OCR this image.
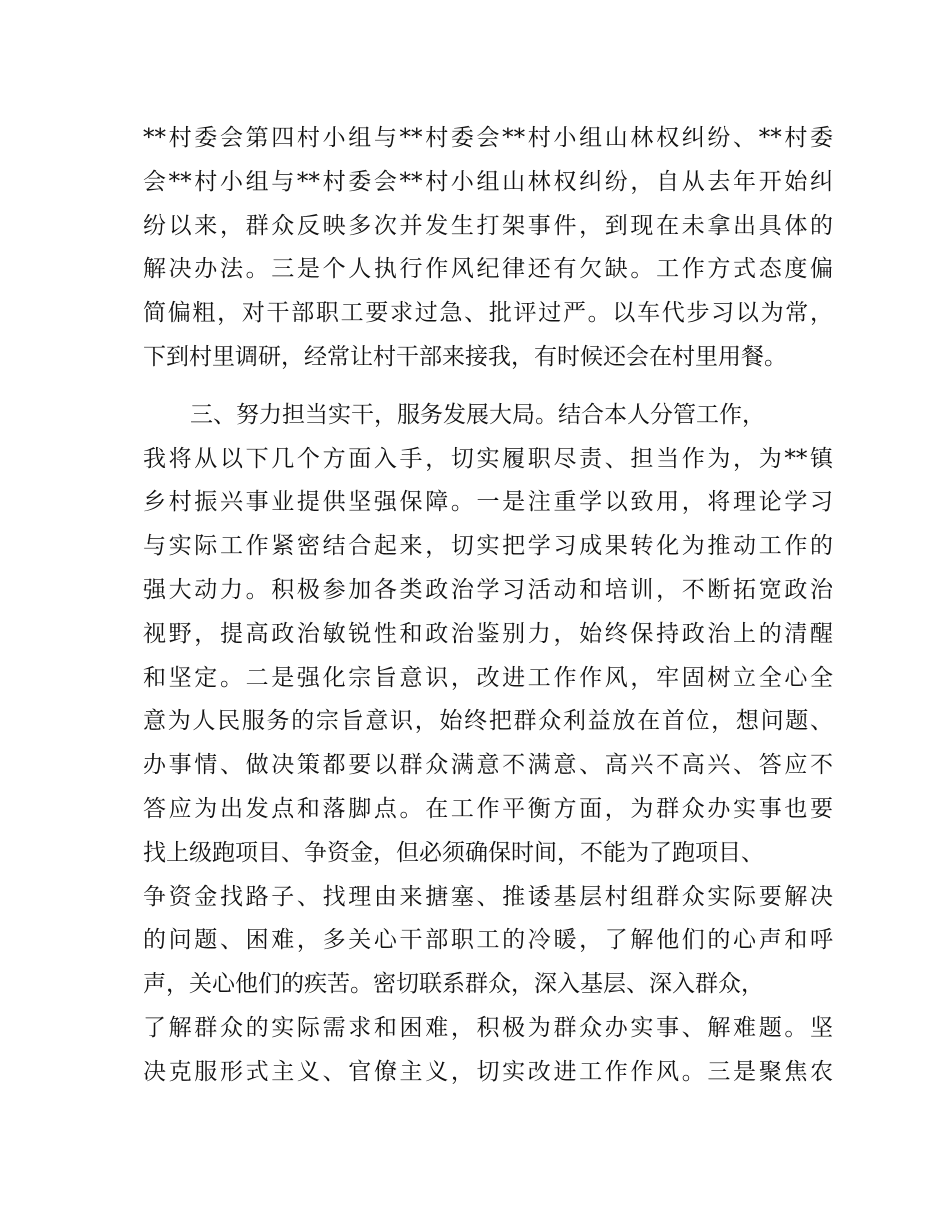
**村委会第四村小组与**村委会**村小组山林权纠纷、**村委
会**村小组与**村委会**村小组山林权纠纷，自从去年开始纠
纷以来，群众反映多次并发生打架事件，到现在未拿出具体的
解决办法。三是个人执行作风纪律还有欠缺。工作方式态度偏
简偏粗，对干部职工要求过急、批评过严。以车代步习以为常，
下到村里调研，经常让村干部来接我，有时候还会在村里用餐。

三、努力担当实干，服务发展大局。结合本人分管工作，
我将从以下几个方面入手，切实履职尽责、担当作为，为**镇
乡村振兴事业提供坚强保障。一是注重学以致用，将理论学习
与实际工作紧密结合起来，切实把学习成果转化为推动工作的
强大动力。积极参加各类政治学习活动和培训，不断拓宽政治
视野，提高政治敏锐性和政治鉴别力，始终保持政治上的清醒
和坚定。二是强化宗旨意识，改进工作作风，牢固树立全心全
意为人民服务的宗旨意识，始终把群众利益放在首位，想问题、
办事情、做决策都要以群众满意不满意、高兴不高兴、答应不
答应为出发点和落脚点。在工作平衡方面，为群众办实事也要
找上级跑项目、争资金，但必须确保时间，不能为了跑项目、
争资金找路子、找理由来搪塞、推诿基层村组群众实际要解决
的问题、困难，多关心干部职工的冷暖，了解他们的心声和呼
声，关心他们的疾苦。密切联系群众，深入基层、深入群众，
了解群众的实际需求和困难，积极为群众办实事、解难题。坚
决克服形式主义、官僚主义，切实改进工作作风。三是聚焦农
